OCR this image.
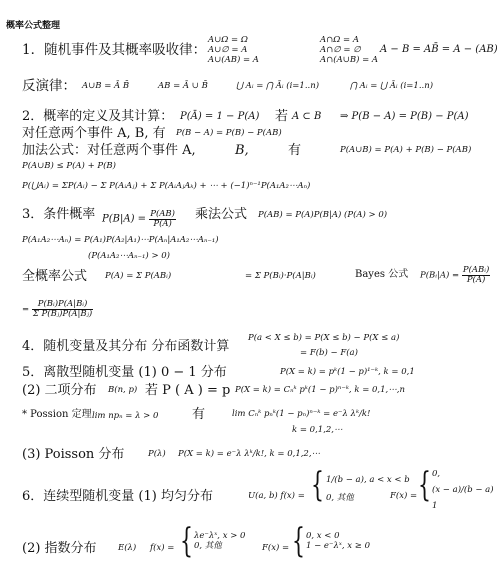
概率公式整理
1．随机事件及其概率吸收律：
A∪Ω = Ω
A∪∅ = A
A∪(AB) = A
A∩Ω = A
A∩∅ = ∅
A∩(A∪B) = A
A − B = AB̄ = A − (AB)
反演律： A∪B = Ā B̄	AB = Ā ∪ B̄	⋃ Aᵢ = ⋂ Āᵢ (i=1..n)	⋂ Aᵢ = ⋃ Āᵢ (i=1..n)
2．概率的定义及其计算： P(Ā) = 1 − P(A) 若 A ⊂ B ⇒ P(B − A) = P(B) − P(A)
对任意两个事件 A, B, 有 P(B − A) = P(B) − P(AB)
加法公式：对任意两个事件 A,	B,	有	P(A∪B) = P(A) + P(B) − P(AB)
P(A∪B) ≤ P(A) + P(B)
P(⋃Aᵢ) = ΣP(Aᵢ) − Σ P(AᵢAⱼ) + Σ P(AᵢAⱼAₖ) + ⋯ + (−1)ⁿ⁻¹P(A₁A₂⋯Aₙ)
3．条件概率 $P(B|A) = \frac{P(AB)}{P(A)}$ 乘法公式 P(AB) = P(A)P(B|A) (P(A) > 0)
P(A₁A₂⋯Aₙ) = P(A₁)P(A₂|A₁)⋯P(Aₙ|A₁A₂⋯Aₙ₋₁)
(P(A₁A₂⋯Aₙ₋₁) > 0)
全概率公式 P(A) = Σ P(ABᵢ)	= Σ P(Bᵢ)·P(A|Bᵢ)	Bayes 公式 P(Bᵢ|A) = $\frac{\text{P(ABᵢ)}}{P(A)}$
= $\frac{\text{P(Bᵢ)P(A|Bᵢ)}}{\text{Σ P(Bⱼ)P(A|Bⱼ)}}$
4．随机变量及其分布 分布函数计算
P(a < X ≤ b) = P(X ≤ b) − P(X ≤ a)
= F(b) − F(a)
5．离散型随机变量 (1) 0 − 1 分布	P(X = k) = pᵏ(1 − p)¹⁻ᵏ, k = 0,1
(2) 二项分布 B(n, p) 若 P ( A ) = p P(X = k) = Cₙᵏ pᵏ(1 − p)ⁿ⁻ᵏ, k = 0,1,⋯,n
* Possion 定理 lim npₙ = λ > 0	有	lim Cₙᵏ pₙᵏ(1 − pₙ)ⁿ⁻ᵏ = e⁻λ λᵏ/k!
k = 0,1,2,⋯
(3) Poisson 分布	P(λ) P(X = k) = e⁻λ λᵏ/k!, k = 0,1,2,⋯
6．连续型随机变量 (1) 均匀分布	U(a, b) f(x) = { 1/(b − a), a < x < b
0, 其他	F(x) = { 0,
(x − a)/(b − a)
1
(2) 指数分布	E(λ) f(x) = { λe⁻λˣ, x > 0
0, 其他	F(x) = { 0, x < 0
1 − e⁻λˣ, x ≥ 0
